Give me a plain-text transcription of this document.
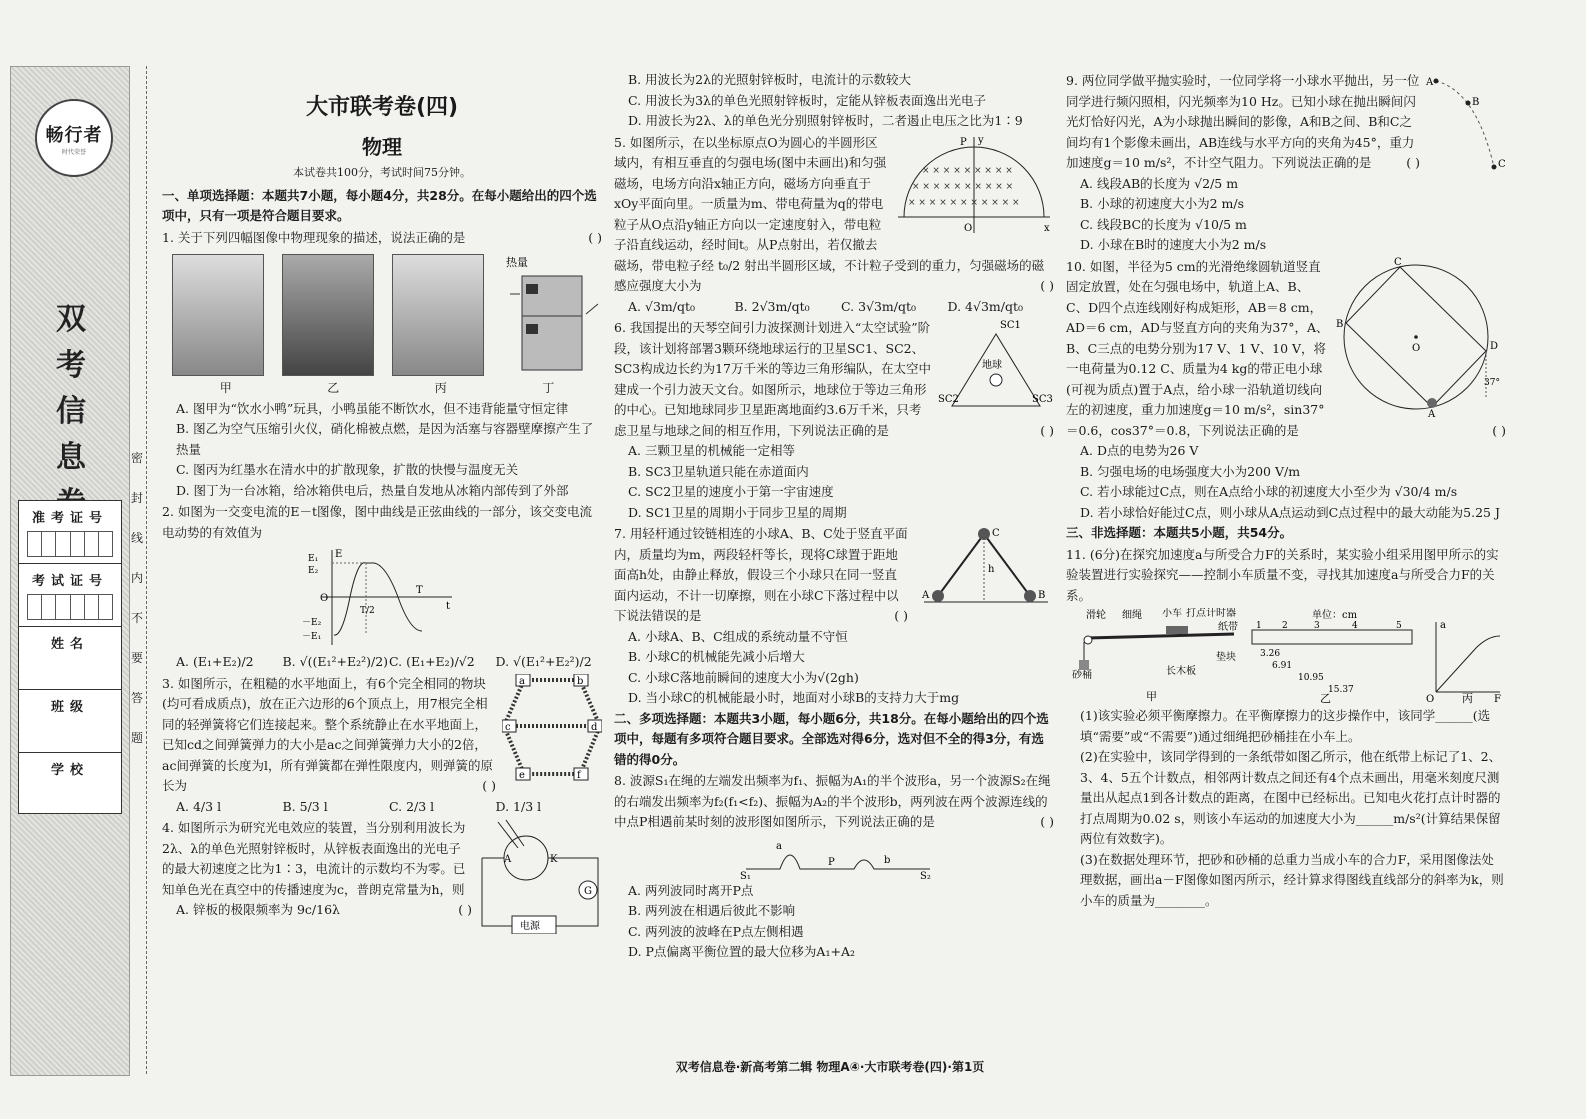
畅行者
时代荣誉
双考信息	密封线内不要答题
准考证号
考试证号
姓名
班级
学校
大市联考卷(四)
物理
本试卷共100分，考试时间75分钟。

一、单项选择题：本题共7小题，每小题4分，共28分。在每小题给出的四个选项中，只有一项是符合题目要求。

1. 关于下列四幅图像中物理现象的描述，说法正确的是	( )

热量
甲	乙	丙	丁

A. 图甲为“饮水小鸭”玩具，小鸭虽能不断饮水，但不违背能量守恒定律

B. 图乙为空气压缩引火仪，硝化棉被点燃，是因为活塞与容器壁摩擦产生了热量

C. 图丙为红墨水在清水中的扩散现象，扩散的快慢与温度无关

D. 图丁为一台冰箱，给冰箱供电后，热量自发地从冰箱内部传到了外部

2. 如图为一交变电流的E－t图像，图中曲线是正弦曲线的一部分，该交变电流电动势的有效值为

E
E₁
E₂
O
－E₂
－E₁
T/2
T
t
A. (E₁+E₂)/2	B. √((E₁²+E₂²)/2) C. (E₁+E₂)/√2	D. √(E₁²+E₂²)/2
a	b
c	d
e	f

3. 如图所示，在粗糙的水平地面上，有6个完全相同的物块(均可看成质点)，放在正六边形的6个顶点上，用7根完全相同的轻弹簧将它们连接起来。整个系统静止在水平地面上，已知cd之间弹簧弹力的大小是ac之间弹簧弹力大小的2倍，ac间弹簧的长度为l，所有弹簧都在弹性限度内，则弹簧的原长为	( )

A. 4/3 l	B. 5/3 l	C. 2/3 l	D. 1/3 l
A	K
G
电源

4. 如图所示为研究光电效应的装置，当分别利用波长为2λ、λ的单色光照射锌板时，从锌板表面逸出的光电子的最大初速度之比为1∶3，电流计的示数均不为零。已知单色光在真空中的传播速度为c，普朗克常量为h，则
( )

A. 锌板的极限频率为 9c/16λ

B. 用波长为2λ的光照射锌板时，电流计的示数较大

C. 用波长为3λ的单色光照射锌板时，定能从锌板表面逸出光电子

D. 用波长为2λ、λ的单色光分别照射锌板时，二者遏止电压之比为1∶9

× × × × × × × × ×
× × × × × × × × × ×
× × × × × × × × × × ×
P y
O	x

5. 如图所示，在以坐标原点O为圆心的半圆形区域内，有相互垂直的匀强电场(图中未画出)和匀强磁场，电场方向沿x轴正方向，磁场方向垂直于xOy平面向里。一质量为m、带电荷量为q的带电粒子从O点沿y轴正方向以一定速度射入，带电粒子沿直线运动，经时间t。从P点射出，若仅撤去磁场，带电粒子经 t₀/2 射出半圆形区域，不计粒子受到的重力，匀强磁场的磁感应强度大小为	( )

A. √3m/qt₀	B. 2√3m/qt₀	C. 3√3m/qt₀	D. 4√3m/qt₀
地球
SC1
SC2	SC3

6. 我国提出的天琴空间引力波探测计划进入“太空试验”阶段，该计划将部署3颗环绕地球运行的卫星SC1、SC2、SC3构成边长约为17万千米的等边三角形编队，在太空中建成一个引力波天文台。如图所示，地球位于等边三角形的中心。已知地球同步卫星距离地面约3.6万千米，只考虑卫星与地球之间的相互作用，下列说法正确的是	( )

A. 三颗卫星的机械能一定相等

B. SC3卫星轨道只能在赤道面内

C. SC2卫星的速度小于第一宇宙速度

D. SC1卫星的周期小于同步卫星的周期

C
A	B
h

7. 用轻杆通过铰链相连的小球A、B、C处于竖直平面内，质量均为m，两段轻杆等长，现将C球置于距地面高h处，由静止释放，假设三个小球只在同一竖直面内运动，不计一切摩擦，则在小球C下落过程中以下说法错误的是	( )

A. 小球A、B、C组成的系统动量不守恒

B. 小球C的机械能先减小后增大

C. 小球C落地前瞬间的速度大小为√(2gh)

D. 当小球C的机械能最小时，地面对小球B的支持力大于mg

二、多项选择题：本题共3小题，每小题6分，共18分。在每小题给出的四个选项中，每题有多项符合题目要求。全部选对得6分，选对但不全的得3分，有选错的得0分。

8. 波源S₁在绳的左端发出频率为f₁、振幅为A₁的半个波形a，另一个波源S₂在绳的右端发出频率为f₂(f₁<f₂)、振幅为A₂的半个波形b，两列波在两个波源连线的中点P相遇前某时刻的波形图如图所示，下列说法正确的是	( )

S₁
a
P	b
S₂

A. 两列波同时离开P点

B. 两列波在相遇后彼此不影响

C. 两列波的波峰在P点左侧相遇

D. P点偏离平衡位置的最大位移为A₁+A₂

A
B
C

9. 两位同学做平抛实验时，一位同学将一小球水平抛出，另一位同学进行频闪照相，闪光频率为10 Hz。已知小球在抛出瞬间闪光灯恰好闪光，A为小球抛出瞬间的影像，A和B之间、B和C之间均有1个影像未画出，AB连线与水平方向的夹角为45°，重力加速度g＝10 m/s²，不计空气阻力。下列说法正确的是	( )

A. 线段AB的长度为 √2/5 m

B. 小球的初速度大小为2 m/s

C. 线段BC的长度为 √10/5 m

D. 小球在B时的速度大小为2 m/s

C
B
D
A
O
37°

10. 如图，半径为5 cm的光滑绝缘圆轨道竖直固定放置，处在匀强电场中，轨道上A、B、C、D四个点连线刚好构成矩形，AB＝8 cm，AD＝6 cm，AD与竖直方向的夹角为37°，A、B、C三点的电势分别为17 V、1 V、10 V，将一电荷量为0.12 C、质量为4 kg的带正电小球(可视为质点)置于A点，给小球一沿轨道切线向左的初速度，重力加速度g＝10 m/s²，sin37°＝0.6，cos37°＝0.8，下列说法正确的是	( )

A. D点的电势为26 V

B. 匀强电场的电场强度大小为200 V/m

C. 若小球能过C点，则在A点给小球的初速度大小至少为 √30/4 m/s

D. 若小球恰好能过C点，则小球从A点运动到C点过程中的最大动能为5.25 J

三、非选择题：本题共5小题，共54分。

11. (6分)在探究加速度a与所受合力F的关系时，某实验小组采用图甲所示的实验装置进行实验探究——控制小车质量不变，寻找其加速度a与所受合力F的关系。

滑轮 细绳 小车 打点计时器
纸带
垫块
长木板
砂桶
甲
单位：cm
1 2	3	4	5
3.26
6.91
10.95
15.37
乙
a
O	F
丙

(1)该实验必须平衡摩擦力。在平衡摩擦力的这步操作中，该同学______(选填“需要”或“不需要”)通过细绳把砂桶挂在小车上。

(2)在实验中，该同学得到的一条纸带如图乙所示，他在纸带上标记了1、2、3、4、5五个计数点，相邻两计数点之间还有4个点未画出，用毫米刻度尺测量出从起点1到各计数点的距离，在图中已经标出。已知电火花打点计时器的打点周期为0.02 s，则该小车运动的加速度大小为______m/s²(计算结果保留两位有效数字)。

(3)在数据处理环节，把砂和砂桶的总重力当成小车的合力F，采用图像法处理数据，画出a－F图像如图丙所示，经计算求得图线直线部分的斜率为k，则小车的质量为________。

双考信息卷·新高考第二辑 物理A④·大市联考卷(四)·第1页
